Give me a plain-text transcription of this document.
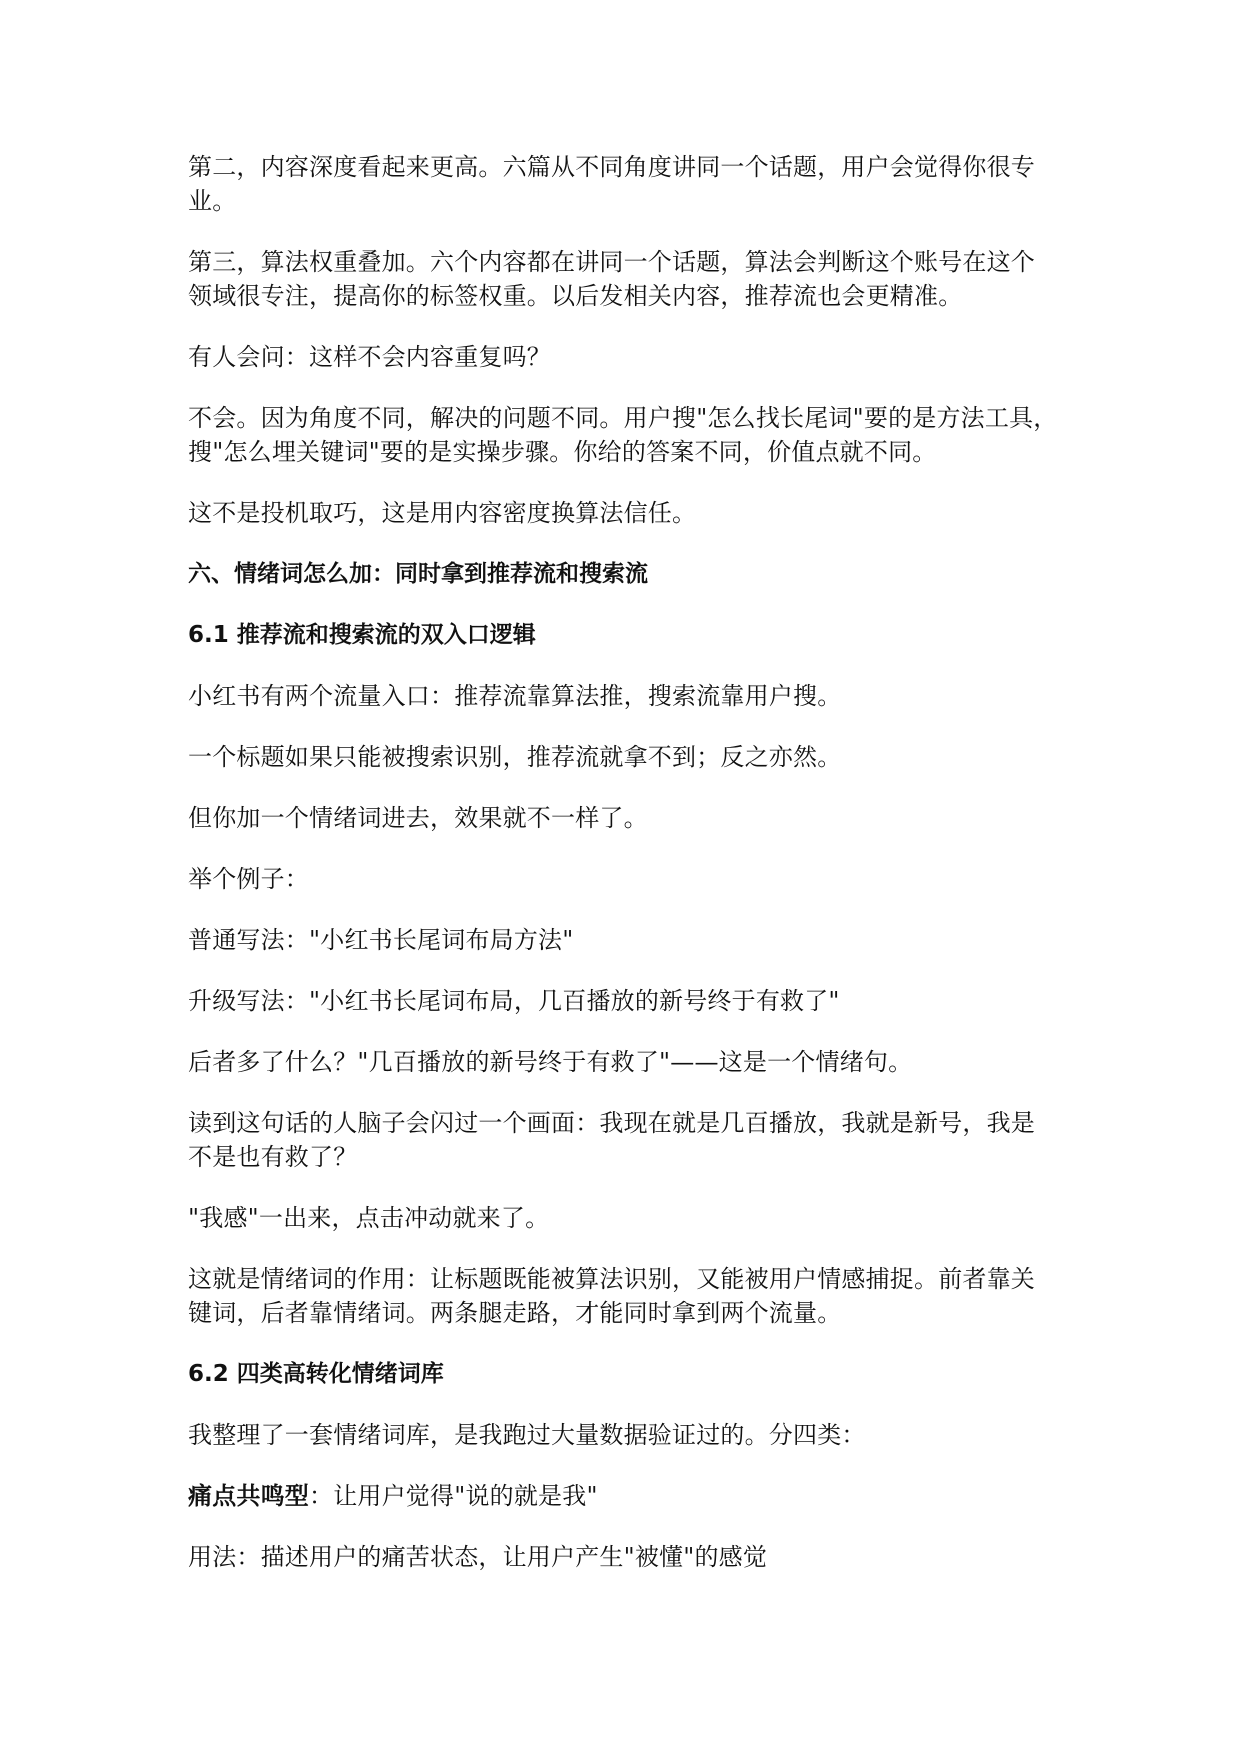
第二，内容深度看起来更高。六篇从不同角度讲同一个话题，用户会觉得你很专
业。

第三，算法权重叠加。六个内容都在讲同一个话题，算法会判断这个账号在这个
领域很专注，提高你的标签权重。以后发相关内容，推荐流也会更精准。

有人会问：这样不会内容重复吗？

不会。因为角度不同，解决的问题不同。用户搜"怎么找长尾词"要的是方法工具，
搜"怎么埋关键词"要的是实操步骤。你给的答案不同，价值点就不同。

这不是投机取巧，这是用内容密度换算法信任。

六、情绪词怎么加：同时拿到推荐流和搜索流
6.1 推荐流和搜索流的双入口逻辑

小红书有两个流量入口：推荐流靠算法推，搜索流靠用户搜。

一个标题如果只能被搜索识别，推荐流就拿不到；反之亦然。

但你加一个情绪词进去，效果就不一样了。

举个例子：

普通写法："小红书长尾词布局方法"

升级写法："小红书长尾词布局，几百播放的新号终于有救了"

后者多了什么？"几百播放的新号终于有救了"——这是一个情绪句。

读到这句话的人脑子会闪过一个画面：我现在就是几百播放，我就是新号，我是
不是也有救了？

"我感"一出来，点击冲动就来了。

这就是情绪词的作用：让标题既能被算法识别，又能被用户情感捕捉。前者靠关
键词，后者靠情绪词。两条腿走路，才能同时拿到两个流量。

6.2 四类高转化情绪词库

我整理了一套情绪词库，是我跑过大量数据验证过的。分四类：

痛点共鸣型：让用户觉得"说的就是我"

用法：描述用户的痛苦状态，让用户产生"被懂"的感觉
